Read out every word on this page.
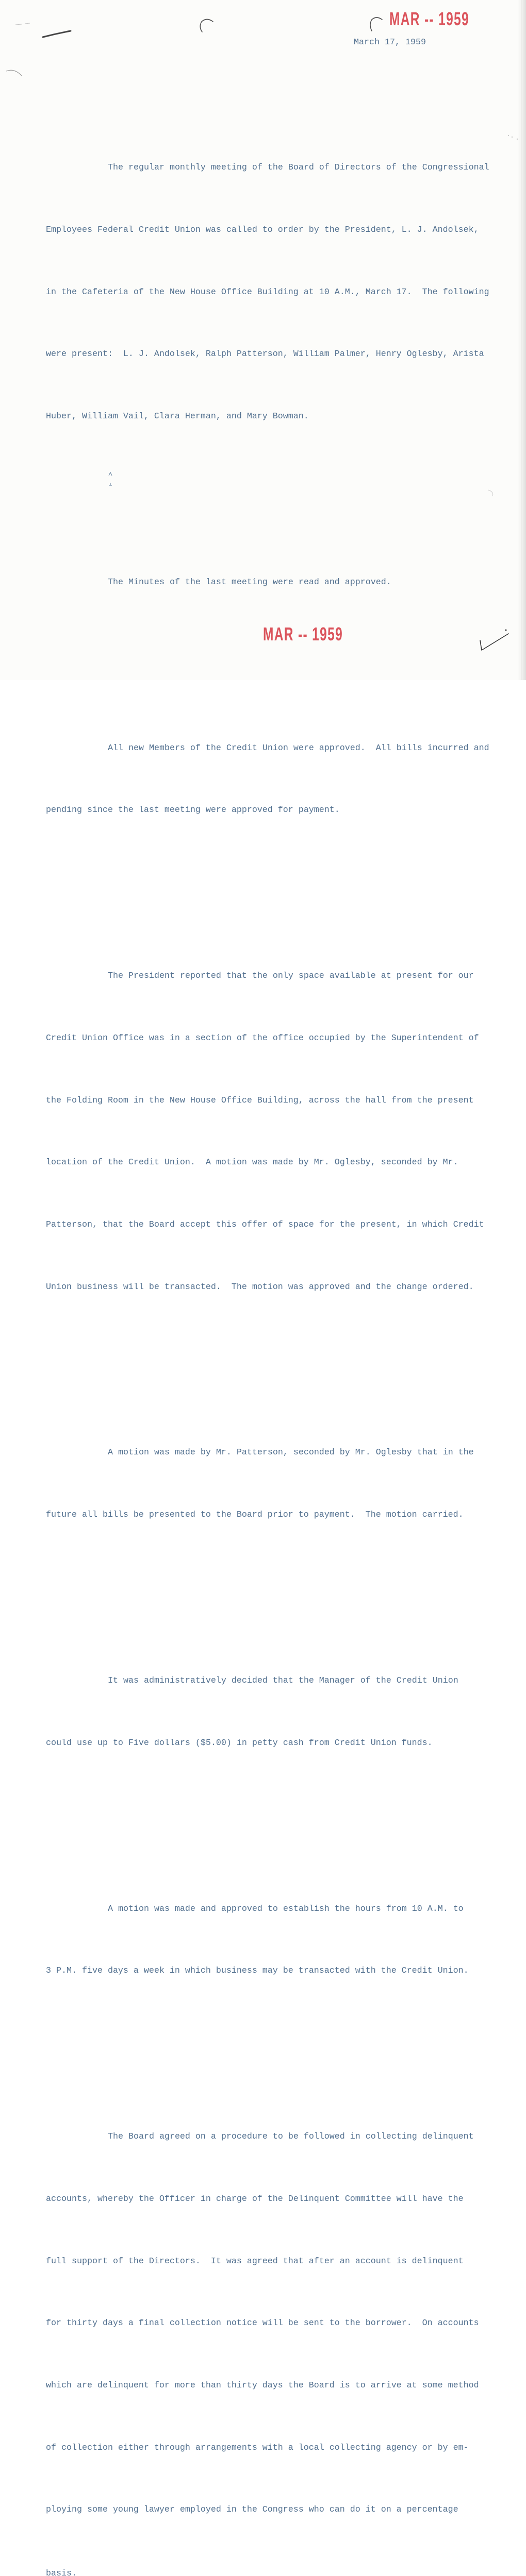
MAR -- 1959
March 17, 1959

The regular monthly meeting of the Board of Directors of the Congressional

Employees Federal Credit Union was called to order by the President, L. J. Andolsek,

in the Cafeteria of the New House Office Building at 10 A.M., March 17.  The following

were present:  L. J. Andolsek, Ralph Patterson, William Palmer, Henry Oglesby, Arista

Huber, William Vail, Clara Herman, and Mary Bowman.

The Minutes of the last meeting were read and approved.

All new Members of the Credit Union were approved.  All bills incurred and

pending since the last meeting were approved for payment.

The President reported that the only space available at present for our

Credit Union Office was in a section of the office occupied by the Superintendent of

the Folding Room in the New House Office Building, across the hall from the present

location of the Credit Union.  A motion was made by Mr. Oglesby, seconded by Mr.

Patterson, that the Board accept this offer of space for the present, in which Credit

Union business will be transacted.  The motion was approved and the change ordered.

A motion was made by Mr. Patterson, seconded by Mr. Oglesby that in the

future all bills be presented to the Board prior to payment.  The motion carried.

It was administratively decided that the Manager of the Credit Union

could use up to Five dollars ($5.00) in petty cash from Credit Union funds.

A motion was made and approved to establish the hours from 10 A.M. to

3 P.M. five days a week in which business may be transacted with the Credit Union.

The Board agreed on a procedure to be followed in collecting delinquent

accounts, whereby the Officer in charge of the Delinquent Committee will have the

full support of the Directors.  It was agreed that after an account is delinquent

for thirty days a final collection notice will be sent to the borrower.  On accounts

which are delinquent for more than thirty days the Board is to arrive at some method

of collection either through arrangements with a local collecting agency or by em-

ploying some young lawyer employed in the Congress who can do it on a percentage

basis.

MAR -- 1959
